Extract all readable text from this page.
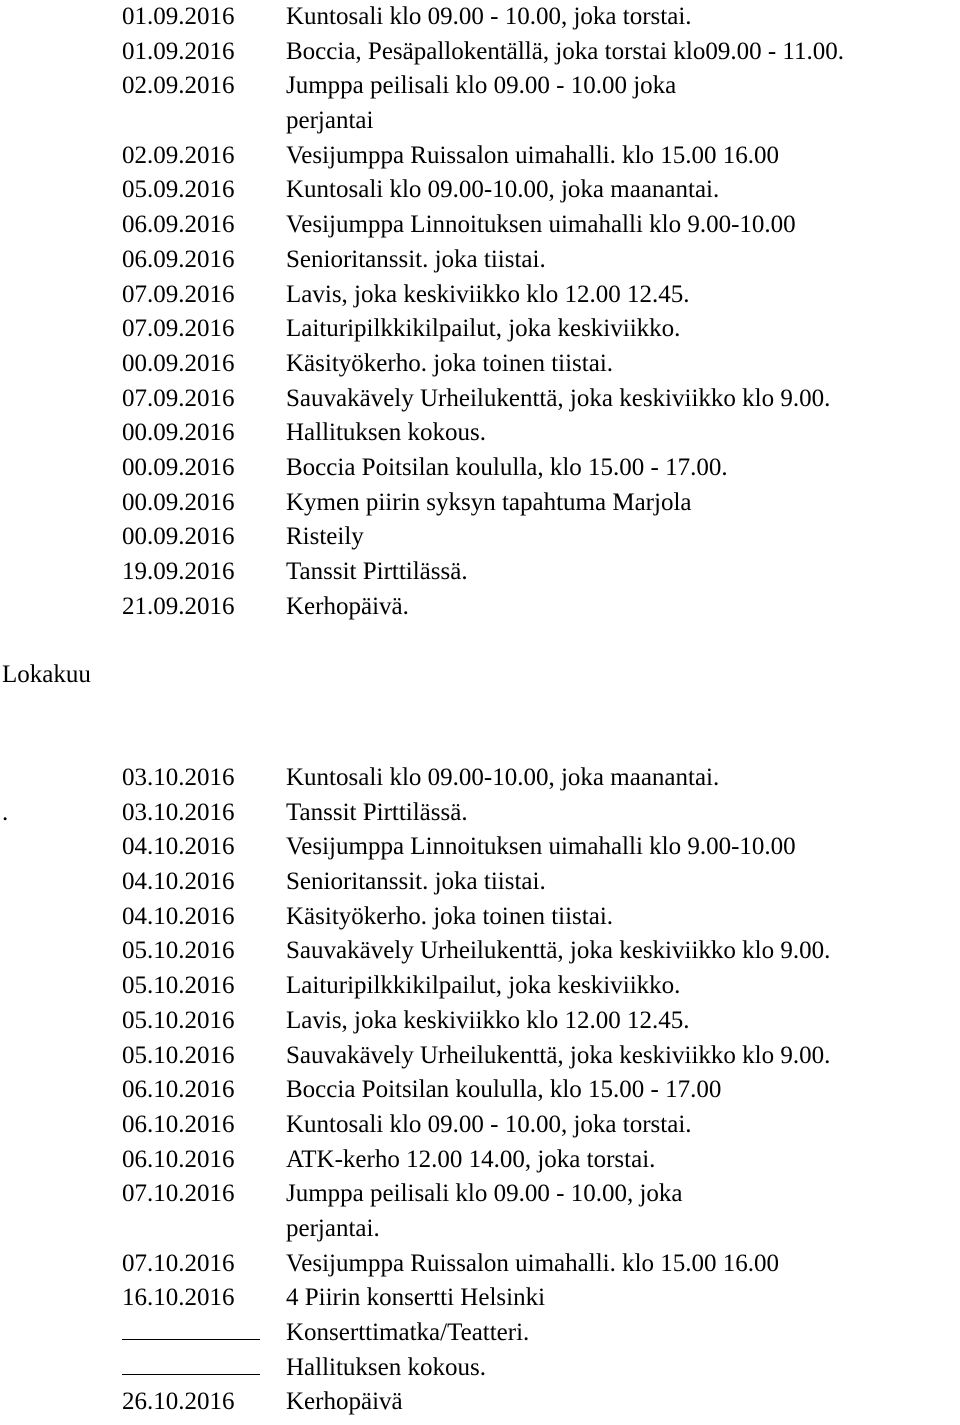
01.09.2016 Kuntosali klo 09.00 - 10.00, joka torstai.
01.09.2016 Boccia, Pesäpallokentällä, joka torstai klo09.00 - 11.00.
02.09.2016 Jumppa peilisali klo 09.00 - 10.00 joka
perjantai
02.09.2016 Vesijumppa Ruissalon uimahalli. klo 15.00 16.00
05.09.2016 Kuntosali klo 09.00-10.00, joka maanantai.
06.09.2016 Vesijumppa Linnoituksen uimahalli klo 9.00-10.00
06.09.2016 Senioritanssit. joka tiistai.
07.09.2016 Lavis, joka keskiviikko klo 12.00 12.45.
07.09.2016 Laituripilkkikilpailut, joka keskiviikko.
00.09.2016 Käsityökerho. joka toinen tiistai.
07.09.2016 Sauvakävely Urheilukenttä, joka keskiviikko klo 9.00.
00.09.2016 Hallituksen kokous.
00.09.2016 Boccia Poitsilan koululla, klo 15.00 - 17.00.
00.09.2016 Kymen piirin syksyn tapahtuma Marjola
00.09.2016 Risteily
19.09.2016 Tanssit Pirttilässä.
21.09.2016 Kerhopäivä.
Lokakuu
03.10.2016 Kuntosali klo 09.00-10.00, joka maanantai.
.	03.10.2016 Tanssit Pirttilässä.
04.10.2016 Vesijumppa Linnoituksen uimahalli klo 9.00-10.00
04.10.2016 Senioritanssit. joka tiistai.
04.10.2016 Käsityökerho. joka toinen tiistai.
05.10.2016 Sauvakävely Urheilukenttä, joka keskiviikko klo 9.00.
05.10.2016 Laituripilkkikilpailut, joka keskiviikko.
05.10.2016 Lavis, joka keskiviikko klo 12.00 12.45.
05.10.2016 Sauvakävely Urheilukenttä, joka keskiviikko klo 9.00.
06.10.2016 Boccia Poitsilan koululla, klo 15.00 - 17.00
06.10.2016 Kuntosali klo 09.00 - 10.00, joka torstai.
06.10.2016 ATK-kerho 12.00 14.00, joka torstai.
07.10.2016 Jumppa peilisali klo 09.00 - 10.00, joka
perjantai.
07.10.2016 Vesijumppa Ruissalon uimahalli. klo 15.00 16.00
16.10.2016 4 Piirin konsertti Helsinki
Konserttimatka/Teatteri.
Hallituksen kokous.
26.10.2016 Kerhopäivä
